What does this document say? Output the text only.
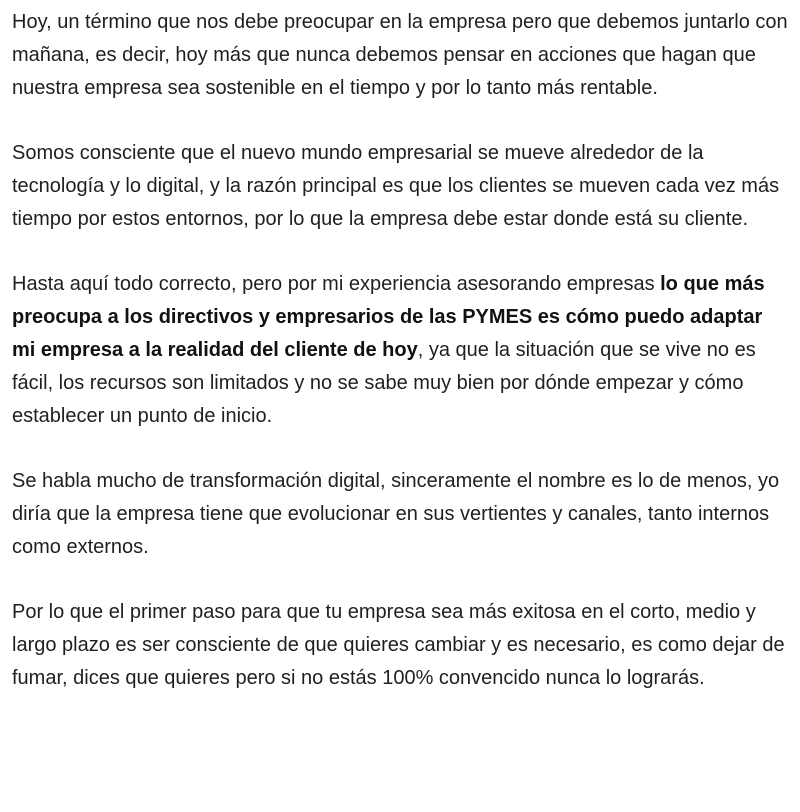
Hoy, un término que nos debe preocupar en la empresa pero que debemos juntarlo con mañana, es decir, hoy más que nunca debemos pensar en acciones que hagan que nuestra empresa sea sostenible en el tiempo y por lo tanto más rentable.

Somos consciente que el nuevo mundo empresarial se mueve alrededor de la tecnología y lo digital, y la razón principal es que los clientes se mueven cada vez más tiempo por estos entornos, por lo que la empresa debe estar donde está su cliente.

Hasta aquí todo correcto, pero por mi experiencia asesorando empresas lo que más preocupa a los directivos y empresarios de las PYMES es cómo puedo adaptar mi empresa a la realidad del cliente de hoy, ya que la situación que se vive no es fácil, los recursos son limitados y no se sabe muy bien por dónde empezar y cómo establecer un punto de inicio.

Se habla mucho de transformación digital, sinceramente el nombre es lo de menos, yo diría que la empresa tiene que evolucionar en sus vertientes y canales, tanto internos como externos.

Por lo que el primer paso para que tu empresa sea más exitosa en el corto, medio y largo plazo es ser consciente de que quieres cambiar y es necesario, es como dejar de fumar, dices que quieres pero si no estás 100% convencido nunca lo lograrás.
